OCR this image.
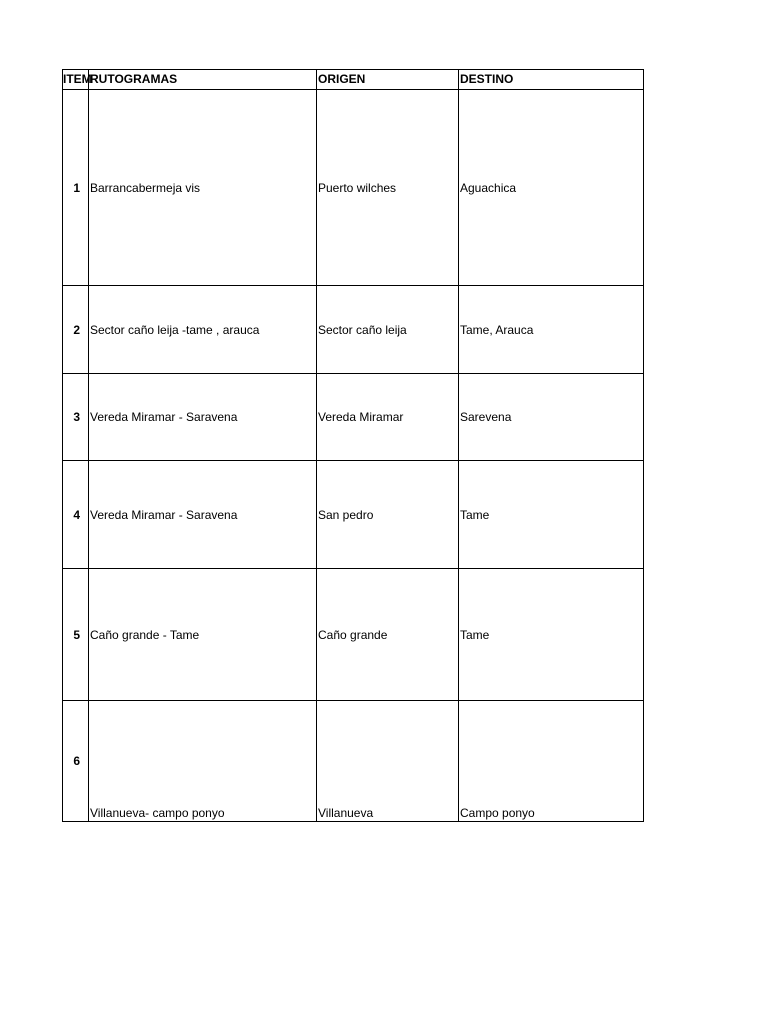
ITEM	RUTOGRAMAS	ORIGEN	DESTINO
1	Barrancabermeja vis	Puerto wilches	Aguachica
2	Sector caño leija -tame , arauca	Sector caño leija	Tame, Arauca
3	Vereda Miramar - Saravena	Vereda Miramar	Sarevena
4	Vereda Miramar - Saravena	San pedro	Tame
5	Caño grande - Tame	Caño grande	Tame
6	Villanueva- campo ponyo	Villanueva	Campo ponyo
